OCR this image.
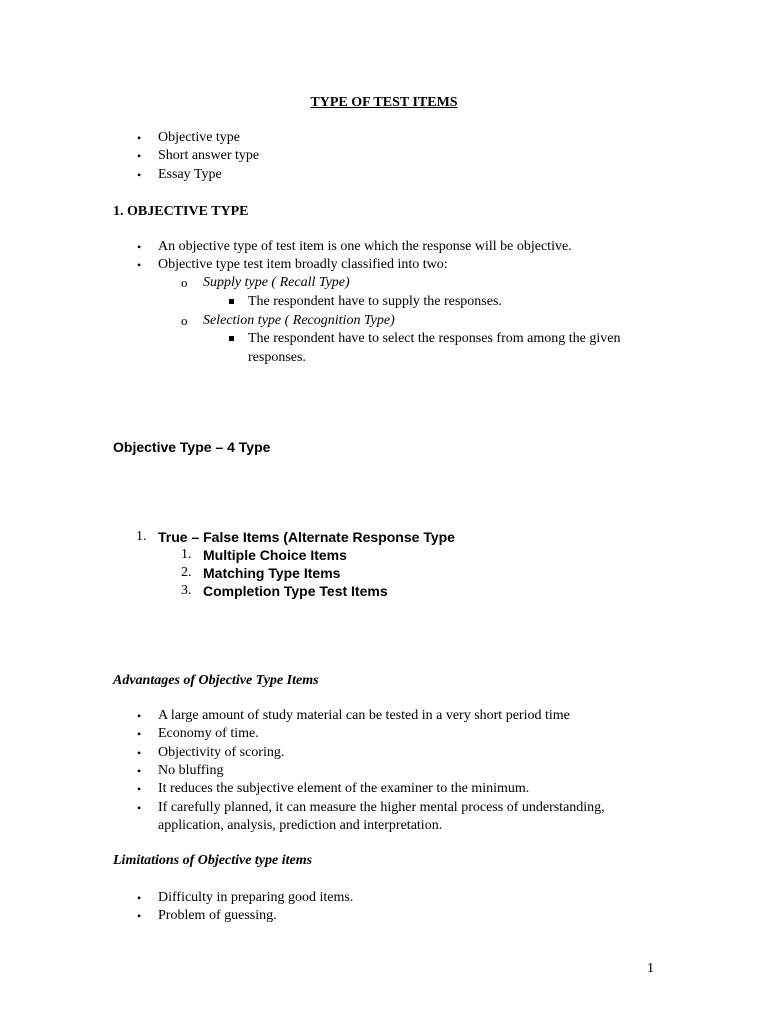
TYPE OF TEST ITEMS
• Objective type
• Short answer type
• Essay Type
1. OBJECTIVE TYPE
• An objective type of test item is one which the response will be objective.
• Objective type test item broadly classified into two:
o Supply type ( Recall Type)
The respondent have to supply the responses.
o Selection type ( Recognition Type)
The respondent have to select the responses from among the given
responses.
Objective Type – 4 Type
1. True – False Items (Alternate Response Type
1. Multiple Choice Items
2. Matching Type Items
3. Completion Type Test Items
Advantages of Objective Type Items
• A large amount of study material can be tested in a very short period time
• Economy of time.
• Objectivity of scoring.
• No bluffing
• It reduces the subjective element of the examiner to the minimum.
• If carefully planned, it can measure the higher mental process of understanding,
application, analysis, prediction and interpretation.
Limitations of Objective type items
• Difficulty in preparing good items.
• Problem of guessing.
1
